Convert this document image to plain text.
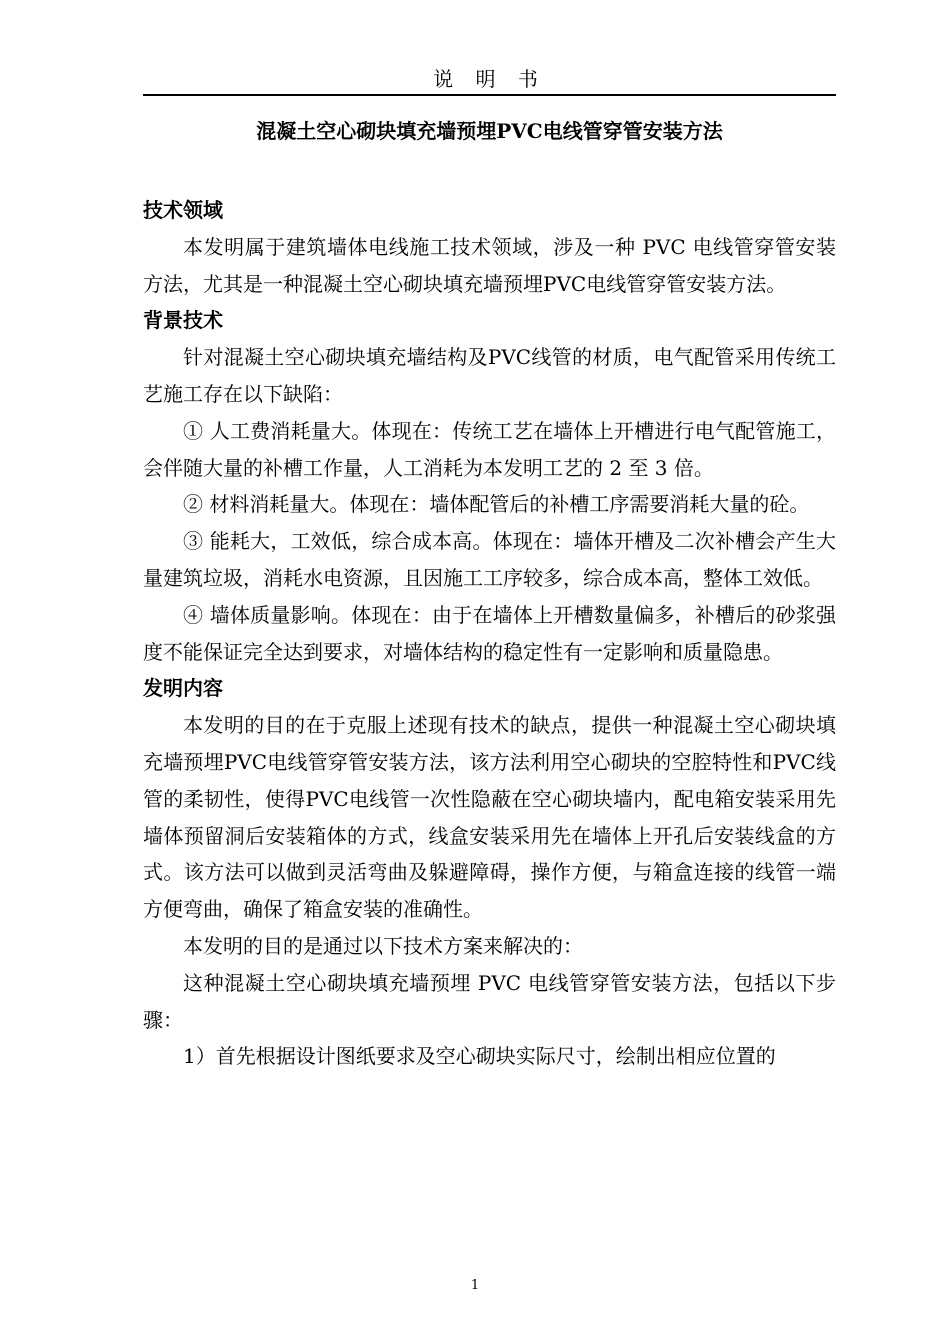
说 明 书
混凝土空心砌块填充墙预埋PVC电线管穿管安装方法
技术领域

本发明属于建筑墙体电线施工技术领域，涉及一种 PVC 电线管穿管安装方法，尤其是一种混凝土空心砌块填充墙预埋PVC电线管穿管安装方法。

背景技术

针对混凝土空心砌块填充墙结构及PVC线管的材质，电气配管采用传统工艺施工存在以下缺陷：

① 人工费消耗量大。体现在：传统工艺在墙体上开槽进行电气配管施工，会伴随大量的补槽工作量，人工消耗为本发明工艺的 2 至 3 倍。

② 材料消耗量大。体现在：墙体配管后的补槽工序需要消耗大量的砼。

③ 能耗大，工效低，综合成本高。体现在：墙体开槽及二次补槽会产生大量建筑垃圾，消耗水电资源，且因施工工序较多，综合成本高，整体工效低。

④ 墙体质量影响。体现在：由于在墙体上开槽数量偏多，补槽后的砂浆强度不能保证完全达到要求，对墙体结构的稳定性有一定影响和质量隐患。

发明内容

本发明的目的在于克服上述现有技术的缺点，提供一种混凝土空心砌块填充墙预埋PVC电线管穿管安装方法，该方法利用空心砌块的空腔特性和PVC线管的柔韧性，使得PVC电线管一次性隐蔽在空心砌块墙内，配电箱安装采用先墙体预留洞后安装箱体的方式，线盒安装采用先在墙体上开孔后安装线盒的方式。该方法可以做到灵活弯曲及躲避障碍，操作方便，与箱盒连接的线管一端方便弯曲，确保了箱盒安装的准确性。

本发明的目的是通过以下技术方案来解决的：

这种混凝土空心砌块填充墙预埋 PVC 电线管穿管安装方法，包括以下步骤：

1）首先根据设计图纸要求及空心砌块实际尺寸，绘制出相应位置的

1
